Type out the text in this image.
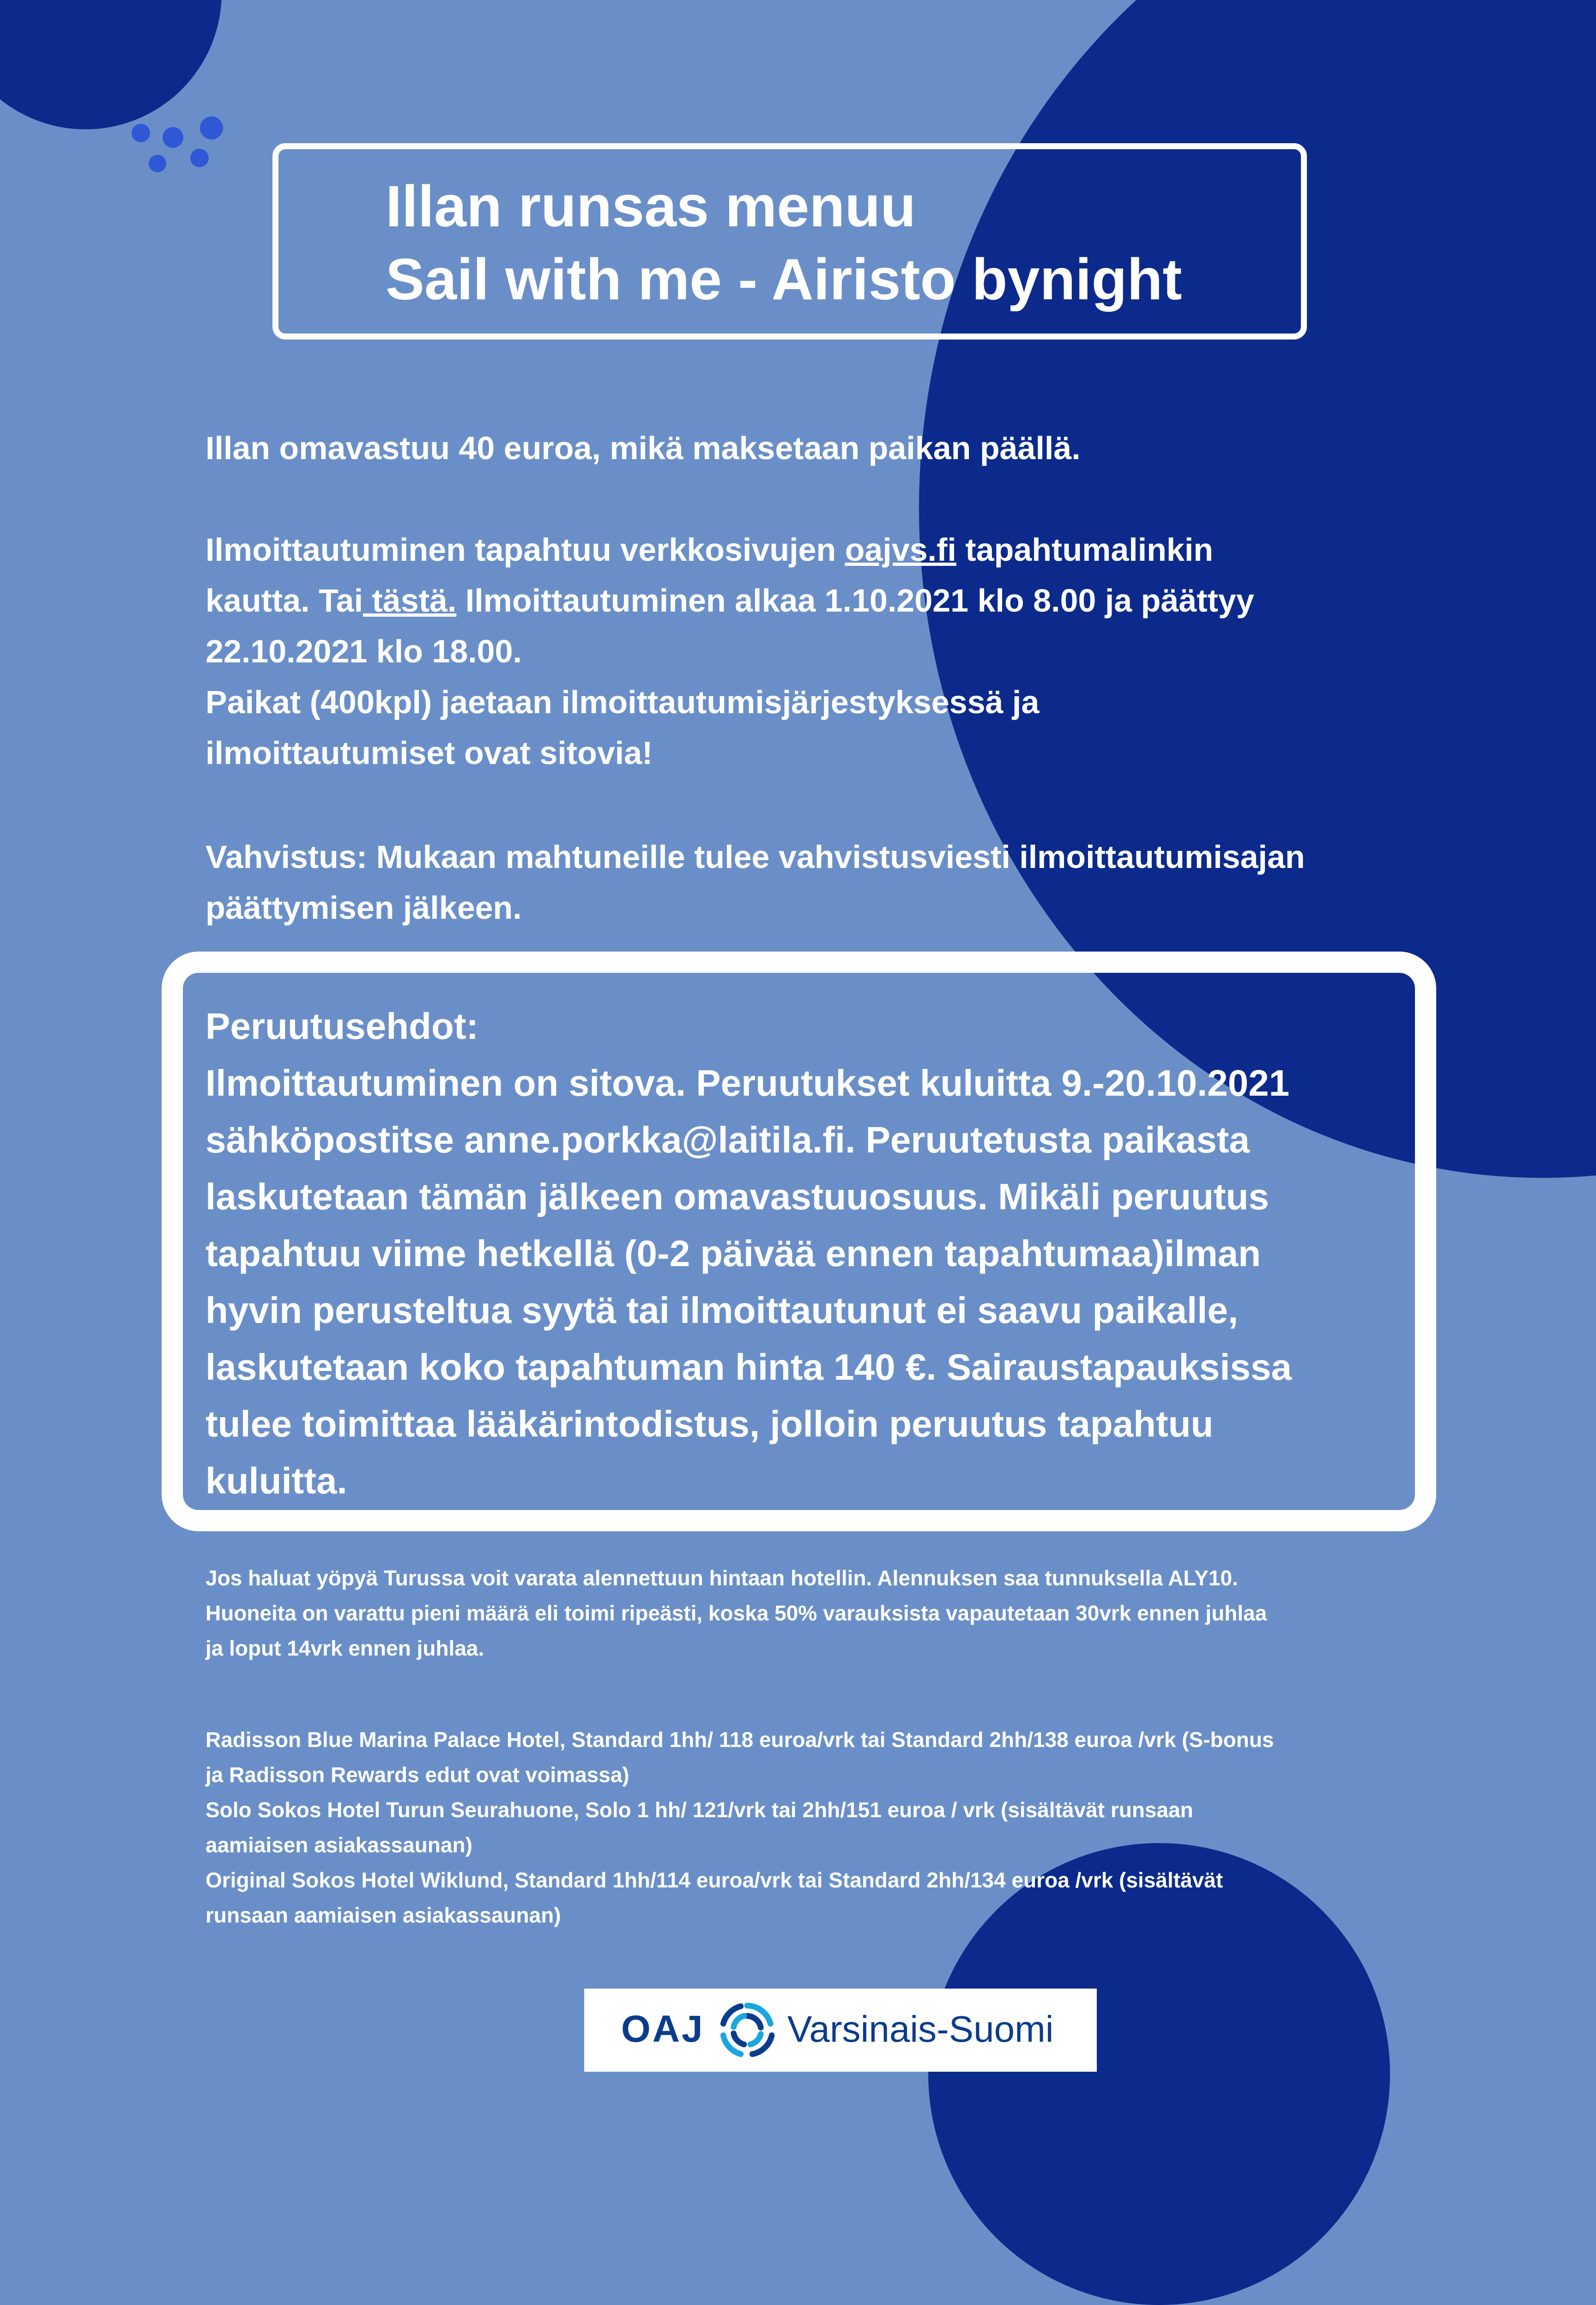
Illan runsas menuu
Sail with me - Airisto bynight
Illan omavastuu 40 euroa, mikä maksetaan paikan päällä.
Ilmoittautuminen tapahtuu verkkosivujen oajvs.fi tapahtumalinkin
kautta. Tai tästä. Ilmoittautuminen alkaa 1.10.2021 klo 8.00 ja päättyy
22.10.2021 klo 18.00.
Paikat (400kpl) jaetaan ilmoittautumisjärjestyksessä ja
ilmoittautumiset ovat sitovia!
Vahvistus: Mukaan mahtuneille tulee vahvistusviesti ilmoittautumisajan
päättymisen jälkeen.
Peruutusehdot:
Ilmoittautuminen on sitova. Peruutukset kuluitta 9.-20.10.2021
sähköpostitse anne.porkka@laitila.fi. Peruutetusta paikasta
laskutetaan tämän jälkeen omavastuuosuus. Mikäli peruutus
tapahtuu viime hetkellä (0-2 päivää ennen tapahtumaa)ilman
hyvin perusteltua syytä tai ilmoittautunut ei saavu paikalle,
laskutetaan koko tapahtuman hinta 140 €. Sairaustapauksissa
tulee toimittaa lääkärintodistus, jolloin peruutus tapahtuu
kuluitta.
Jos haluat yöpyä Turussa voit varata alennettuun hintaan hotellin. Alennuksen saa tunnuksella ALY10.
Huoneita on varattu pieni määrä eli toimi ripeästi, koska 50% varauksista vapautetaan 30vrk ennen juhlaa
ja loput 14vrk ennen juhlaa.
Radisson Blue Marina Palace Hotel, Standard 1hh/ 118 euroa/vrk tai Standard 2hh/138 euroa /vrk (S-bonus
ja Radisson Rewards edut ovat voimassa)
Solo Sokos Hotel Turun Seurahuone, Solo 1 hh/ 121/vrk tai 2hh/151 euroa / vrk (sisältävät runsaan
aamiaisen asiakassaunan)
Original Sokos Hotel Wiklund, Standard 1hh/114 euroa/vrk tai Standard 2hh/134 euroa /vrk (sisältävät
runsaan aamiaisen asiakassaunan)
OAJ Varsinais-Suomi
